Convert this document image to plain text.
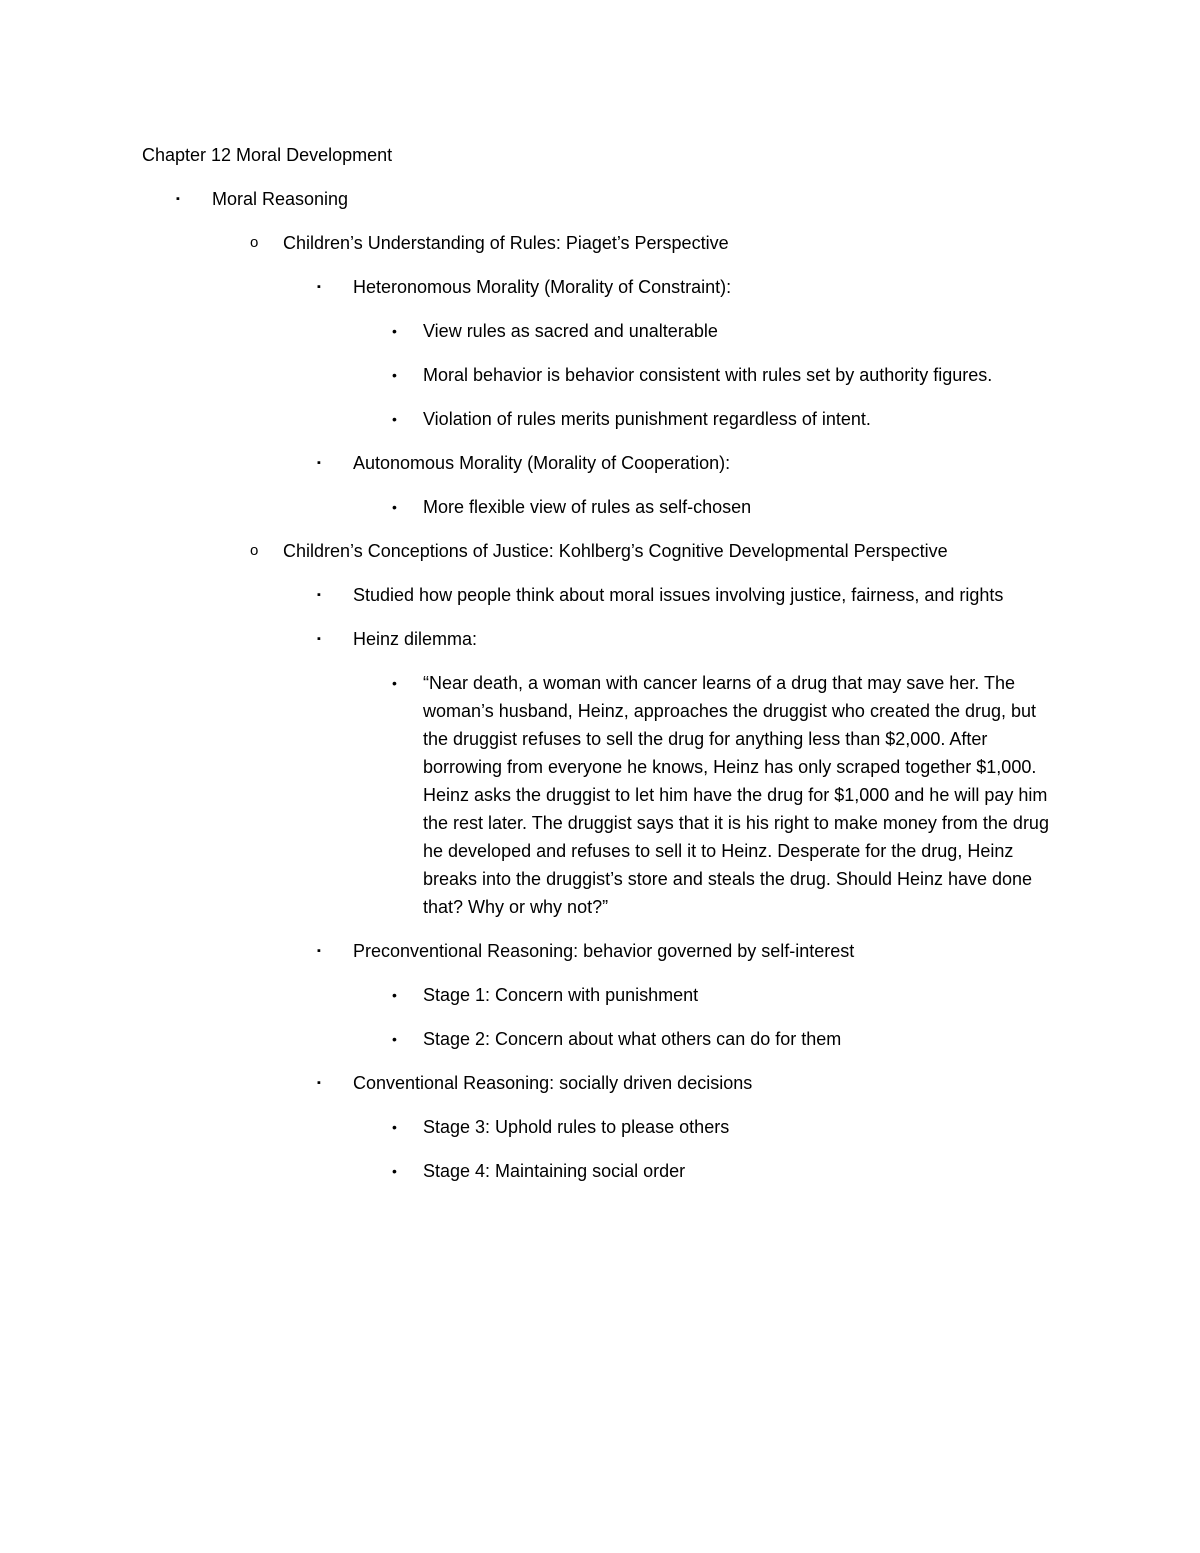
Chapter 12 Moral Development
▪	Moral Reasoning
o	Children’s Understanding of Rules: Piaget’s Perspective
▪	Heteronomous Morality (Morality of Constraint):
•	View rules as sacred and unalterable
•	Moral behavior is behavior consistent with rules set by authority figures.
•	Violation of rules merits punishment regardless of intent.
▪	Autonomous Morality (Morality of Cooperation):
•	More flexible view of rules as self-chosen
o	Children’s Conceptions of Justice: Kohlberg’s Cognitive Developmental Perspective
▪	Studied how people think about moral issues involving justice, fairness, and rights
▪	Heinz dilemma:
•	“Near death, a woman with cancer learns of a drug that may save her. The woman’s husband, Heinz, approaches the druggist who created the drug, but the druggist refuses to sell the drug for anything less than $2,000. After borrowing from everyone he knows, Heinz has only scraped together $1,000. Heinz asks the druggist to let him have the drug for $1,000 and he will pay him the rest later. The druggist says that it is his right to make money from the drug he developed and refuses to sell it to Heinz. Desperate for the drug, Heinz breaks into the druggist’s store and steals the drug. Should Heinz have done that? Why or why not?”
▪	Preconventional Reasoning: behavior governed by self-interest
•	Stage 1: Concern with punishment
•	Stage 2: Concern about what others can do for them
▪	Conventional Reasoning: socially driven decisions
•	Stage 3: Uphold rules to please others
•	Stage 4: Maintaining social order
